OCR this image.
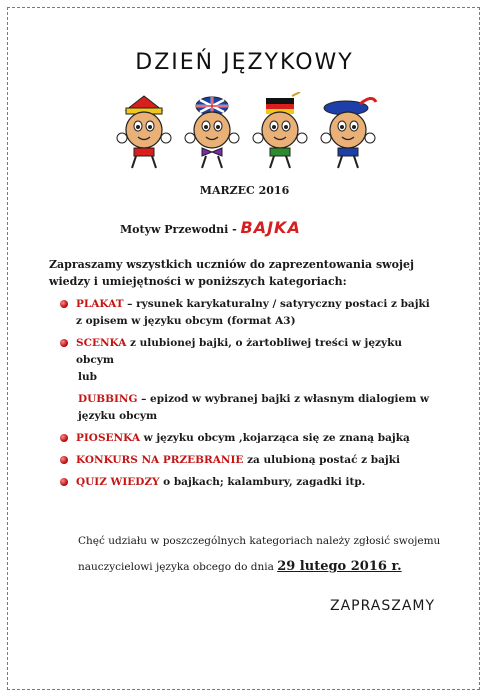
DZIEŃ JĘZYKOWY
MARZEC 2016
Motyw Przewodni - BAJKA
Zapraszamy wszystkich uczniów do zaprezentowania swojej wiedzy i umiejętności w poniższych kategoriach:
PLAKAT – rysunek karykaturalny / satyryczny postaci z bajki z opisem w języku obcym (format A3)
SCENKA z ulubionej bajki, o żartobliwej treści w języku obcym
lub
DUBBING – epizod w wybranej bajki z własnym dialogiem w języku obcym
PIOSENKA w języku obcym ,kojarząca się ze znaną bajką
KONKURS NA PRZEBRANIE za ulubioną postać z bajki
QUIZ WIEDZY o bajkach; kalambury, zagadki itp.
Chęć udziału w poszczególnych kategoriach należy zgłosić swojemu
nauczycielowi języka obcego do dnia 29 lutego 2016 r.
ZAPRASZAMY
